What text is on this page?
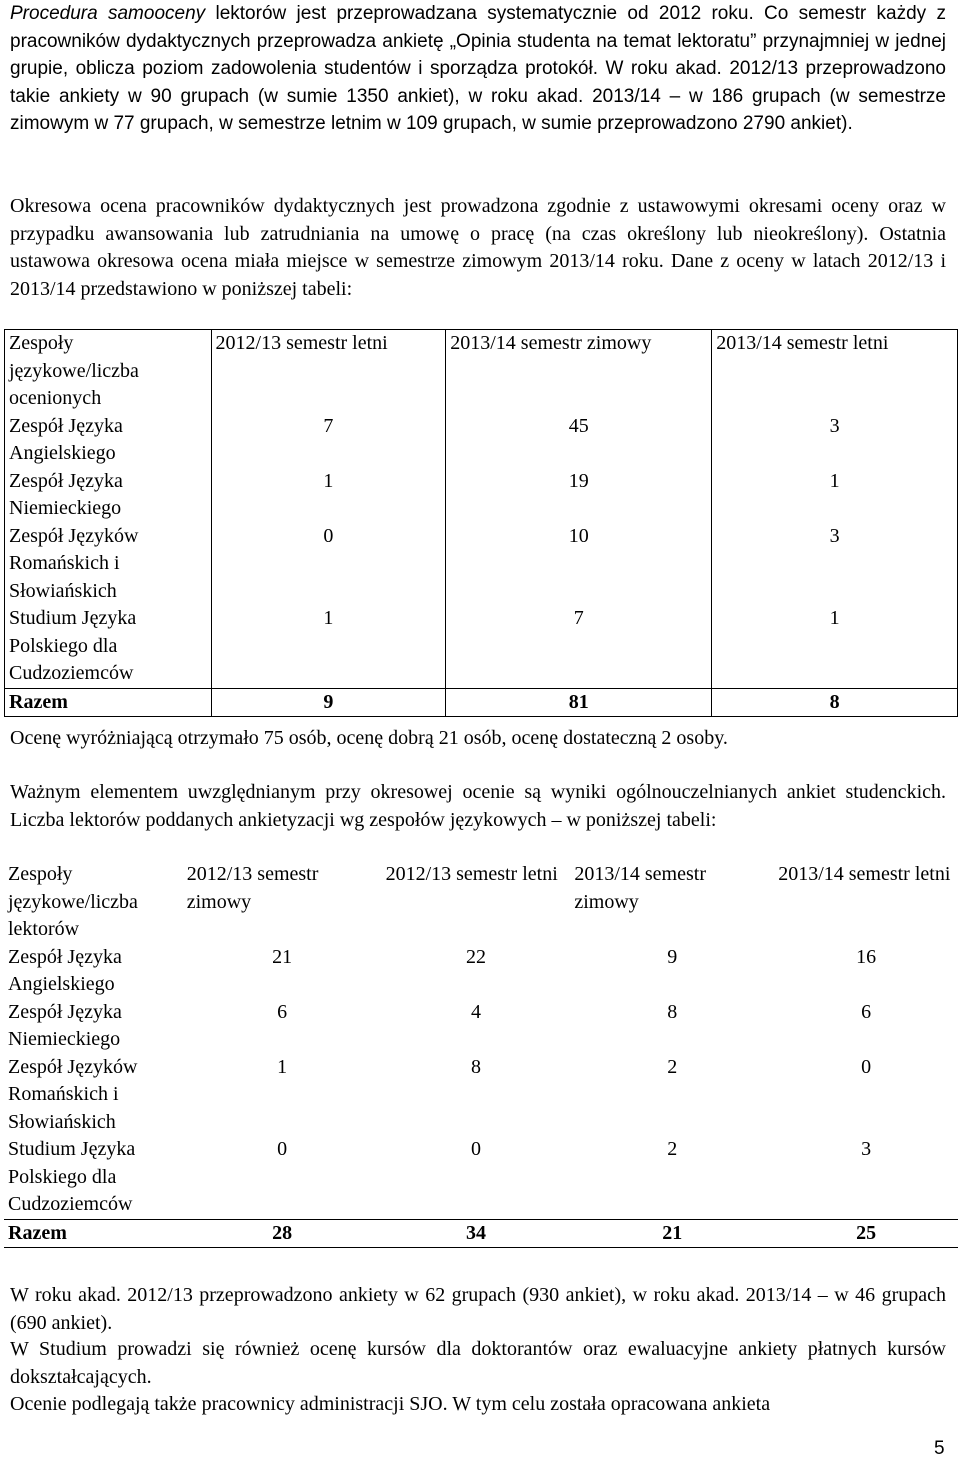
Procedura samooceny lektorów jest przeprowadzana systematycznie od 2012 roku. Co semestr każdy z pracowników dydaktycznych przeprowadza ankietę „Opinia studenta na temat lektoratu” przynajmniej w jednej grupie, oblicza poziom zadowolenia studentów i sporządza protokół. W roku akad. 2012/13 przeprowadzono takie ankiety w 90 grupach (w sumie 1350 ankiet), w roku akad. 2013/14 – w 186 grupach (w semestrze zimowym w 77 grupach, w semestrze letnim w 109 grupach, w sumie przeprowadzono 2790 ankiet).

Okresowa ocena pracowników dydaktycznych jest prowadzona zgodnie z ustawowymi okresami oceny oraz w przypadku awansowania lub zatrudniania na umowę o pracę (na czas określony lub nieokreślony). Ostatnia ustawowa okresowa ocena miała miejsce w semestrze zimowym 2013/14 roku. Dane z oceny w latach 2012/13 i 2013/14 przedstawiono w poniższej tabeli:

Zespoły językowe/liczba ocenionych	2012/13 semestr letni	2013/14 semestr zimowy	2013/14 semestr letni
Zespół Języka Angielskiego	7	45	3
Zespół Języka Niemieckiego	1	19	1
Zespół Języków Romańskich i Słowiańskich	0	10	3
Studium Języka Polskiego dla Cudzoziemców	1	7	1
Razem	9	81	8

Ocenę wyróżniającą otrzymało 75 osób, ocenę dobrą 21 osób, ocenę dostateczną 2 osoby.

Ważnym elementem uwzględnianym przy okresowej ocenie są wyniki ogólnouczelnianych ankiet studenckich. Liczba lektorów poddanych ankietyzacji wg zespołów językowych – w poniższej tabeli:

Zespoły językowe/liczba lektorów	2012/13 semestr zimowy	2012/13 semestr letni	2013/14 semestr zimowy	2013/14 semestr letni
Zespół Języka Angielskiego	21	22	9	16
Zespół Języka Niemieckiego	6	4	8	6
Zespół Języków Romańskich i Słowiańskich	1	8	2	0
Studium Języka Polskiego dla Cudzoziemców	0	0	2	3
Razem	28	34	21	25

W roku akad. 2012/13 przeprowadzono ankiety w 62 grupach (930 ankiet), w roku akad. 2013/14 – w 46 grupach (690 ankiet).

W Studium prowadzi się również ocenę kursów dla doktorantów oraz ewaluacyjne ankiety płatnych kursów dokształcających.

Ocenie podlegają także pracownicy administracji SJO. W tym celu została opracowana ankieta

5
